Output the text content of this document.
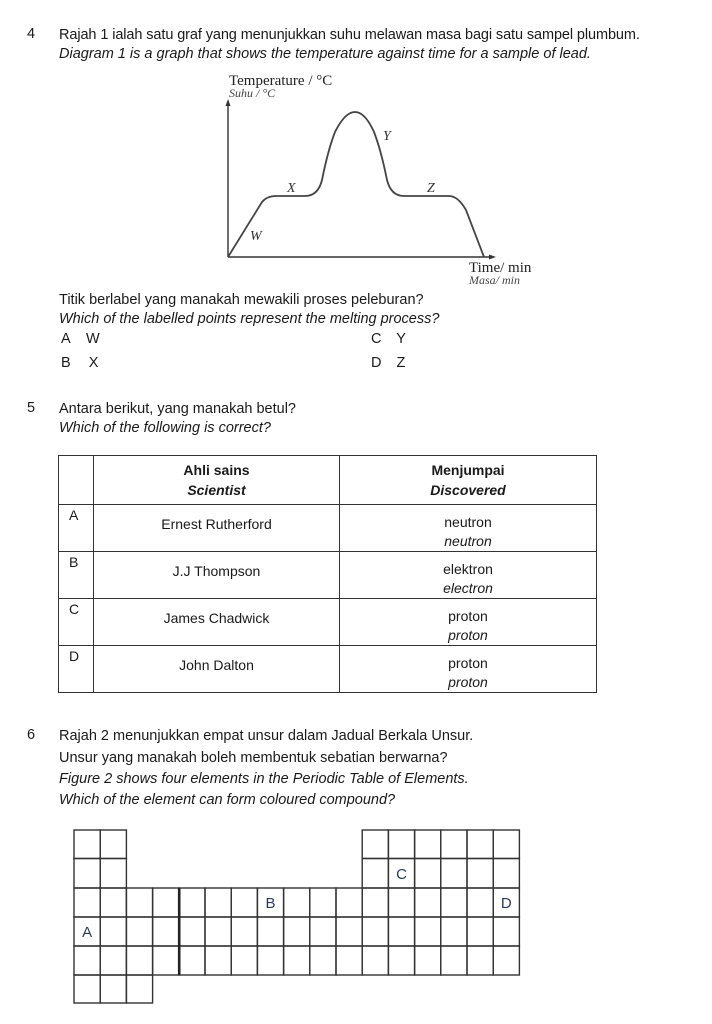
4 Rajah 1 ialah satu graf yang menunjukkan suhu melawan masa bagi satu sampel plumbum.
Diagram 1 is a graph that shows the temperature against time for a sample of lead.
Temperature / °C
Suhu / °C
W
X
Y
Z
Time/ min
Masa/ min
Titik berlabel yang manakah mewakili proses peleburan?
Which of the labelled points represent the melting process?
A W
B X
C Y
D Z
5 Antara berikut, yang manakah betul?
Which of the following is correct?

Ahli sains
Scientist

Menjumpai
Discovered

A	Ernest Rutherford	neutron
neutron

B	J.J Thompson	elektron
electron

C	James Chadwick	proton
proton

D	John Dalton	proton
proton
6 Rajah 2 menunjukkan empat unsur dalam Jadual Berkala Unsur.
Unsur yang manakah boleh membentuk sebatian berwarna?
Figure 2 shows four elements in the Periodic Table of Elements.
Which of the element can form coloured compound?
A
B
C
D
